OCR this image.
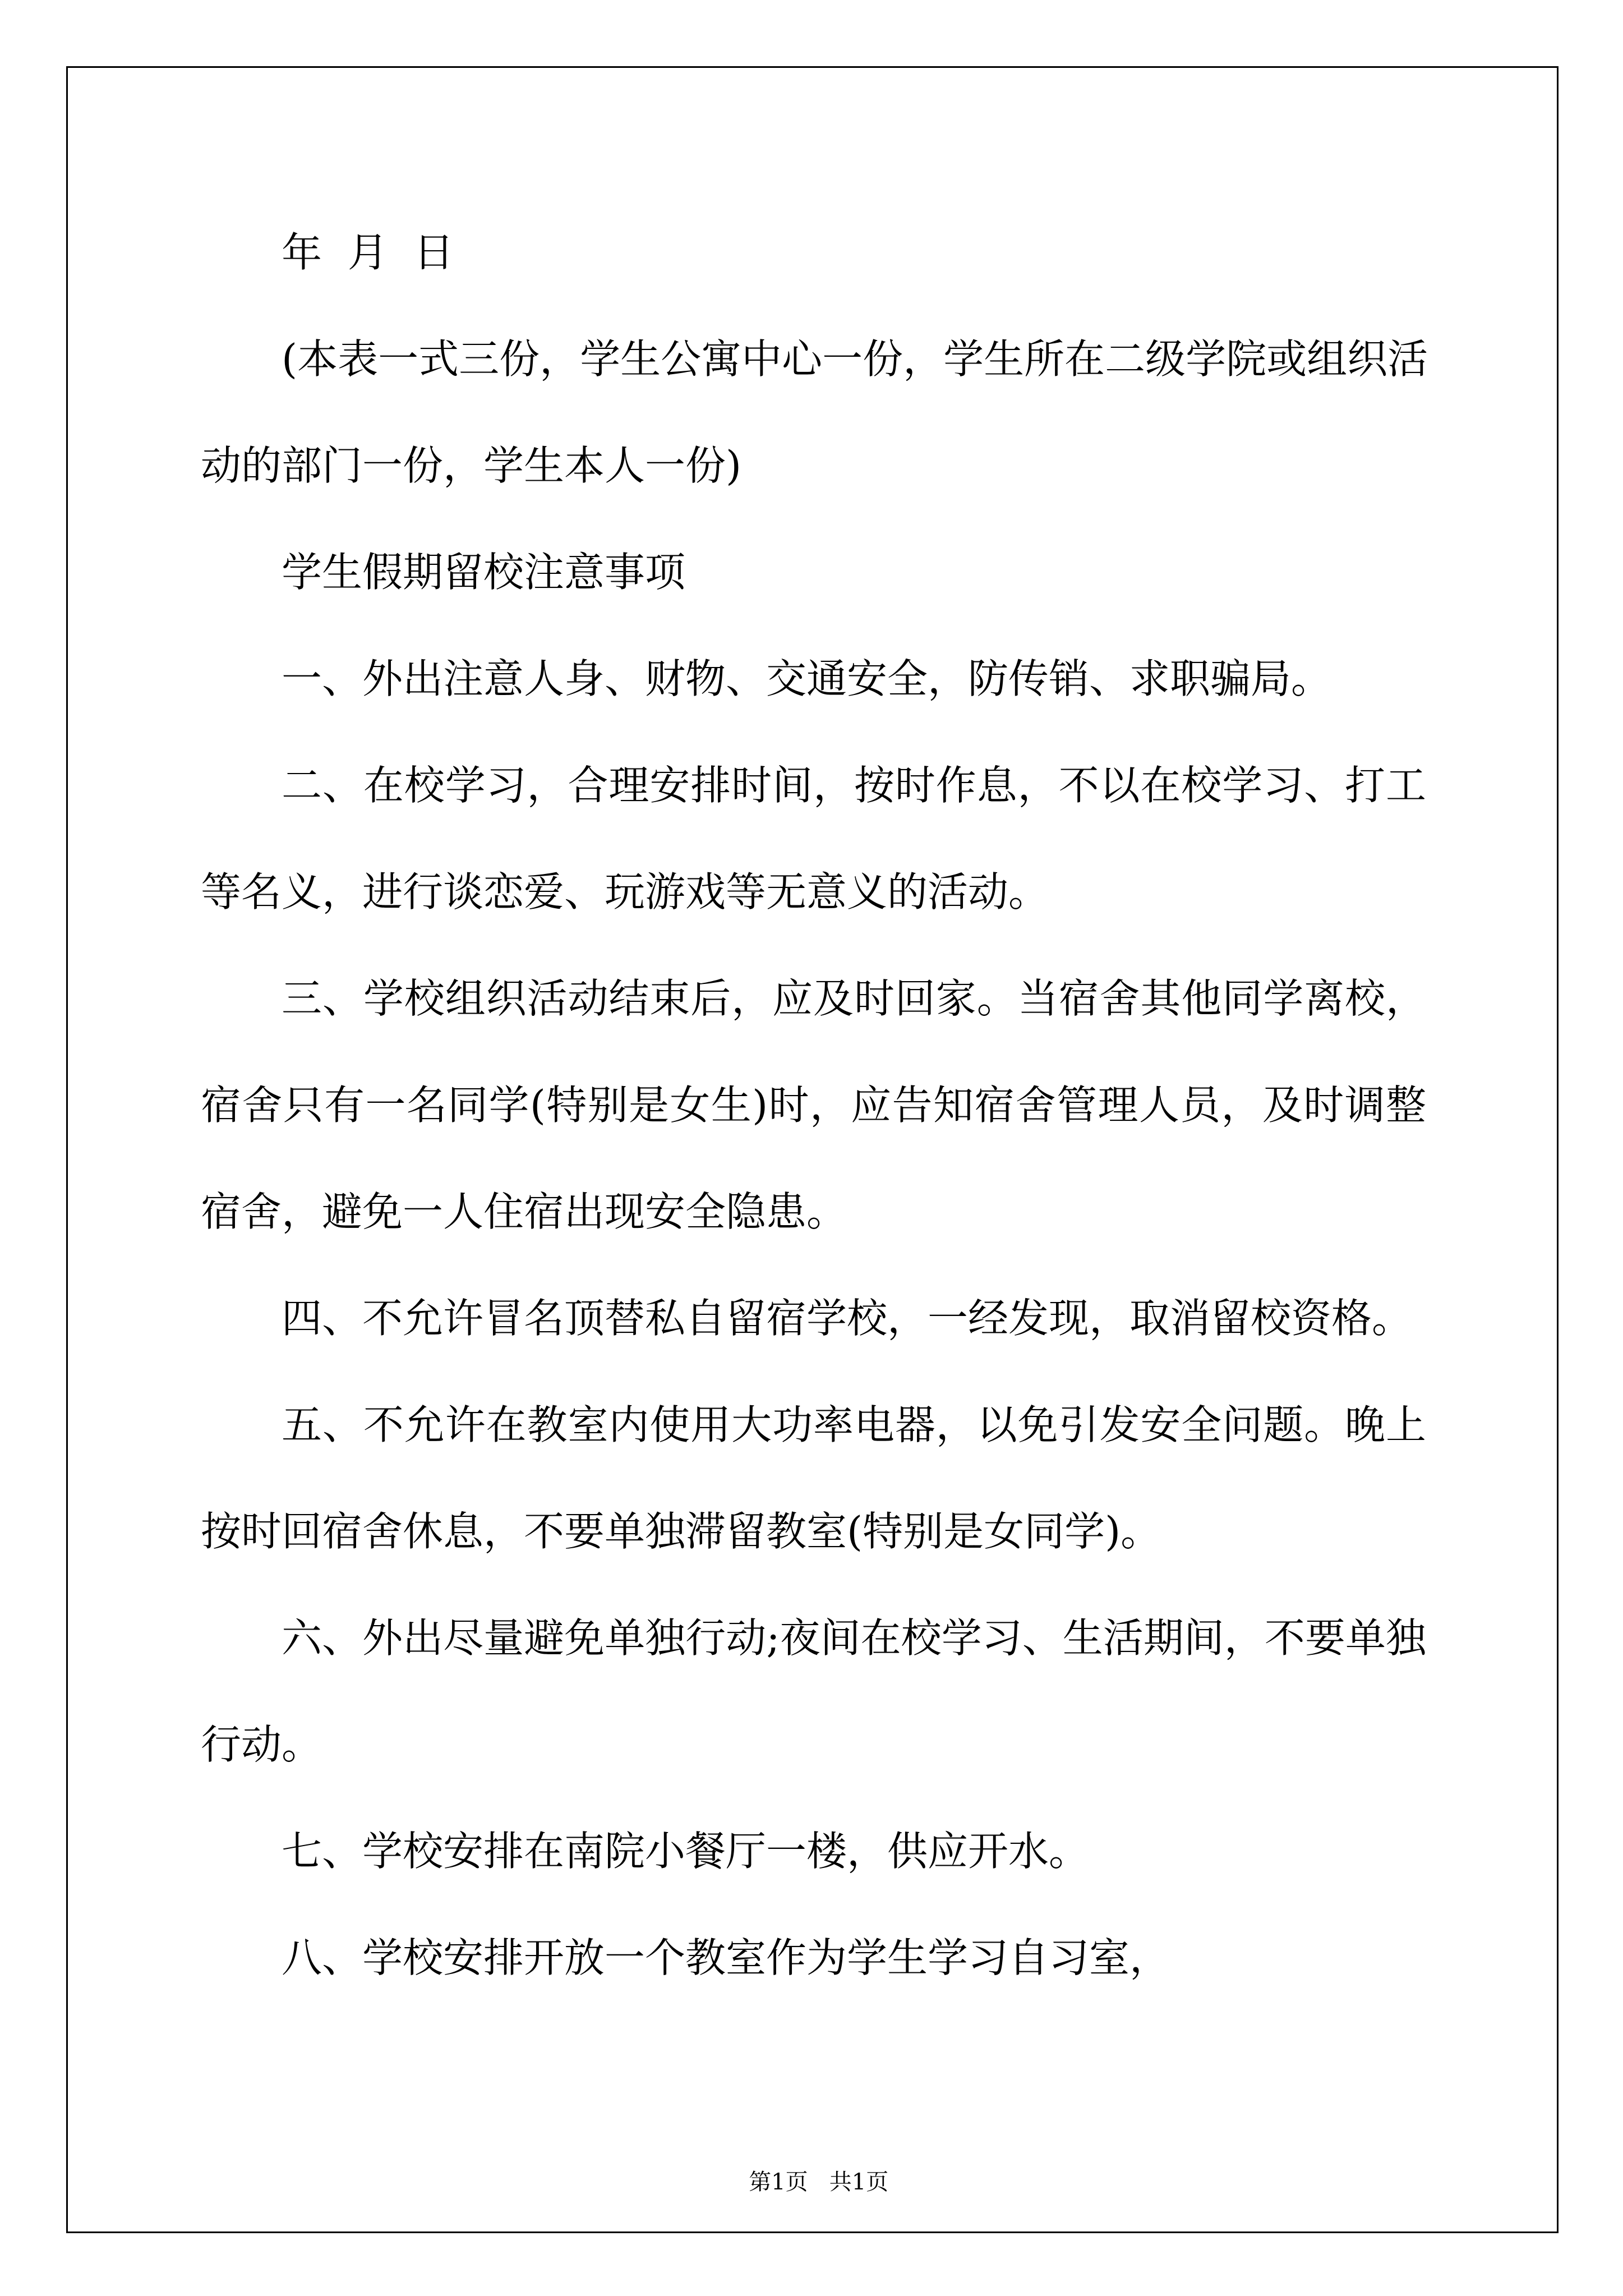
年  月  日
(本表一式三份，学生公寓中心一份，学生所在二级学院或组织活
动的部门一份，学生本人一份)
学生假期留校注意事项
一、外出注意人身、财物、交通安全，防传销、求职骗局。
二、在校学习，合理安排时间，按时作息，不以在校学习、打工
等名义，进行谈恋爱、玩游戏等无意义的活动。
三、学校组织活动结束后，应及时回家。当宿舍其他同学离校，
宿舍只有一名同学(特别是女生)时，应告知宿舍管理人员，及时调整
宿舍，避免一人住宿出现安全隐患。
四、不允许冒名顶替私自留宿学校，一经发现，取消留校资格。
五、不允许在教室内使用大功率电器，以免引发安全问题。晚上
按时回宿舍休息，不要单独滞留教室(特别是女同学)。
六、外出尽量避免单独行动;夜间在校学习、生活期间，不要单独
行动。
七、学校安排在南院小餐厅一楼，供应开水。
八、学校安排开放一个教室作为学生学习自习室，

第1页   共1页
